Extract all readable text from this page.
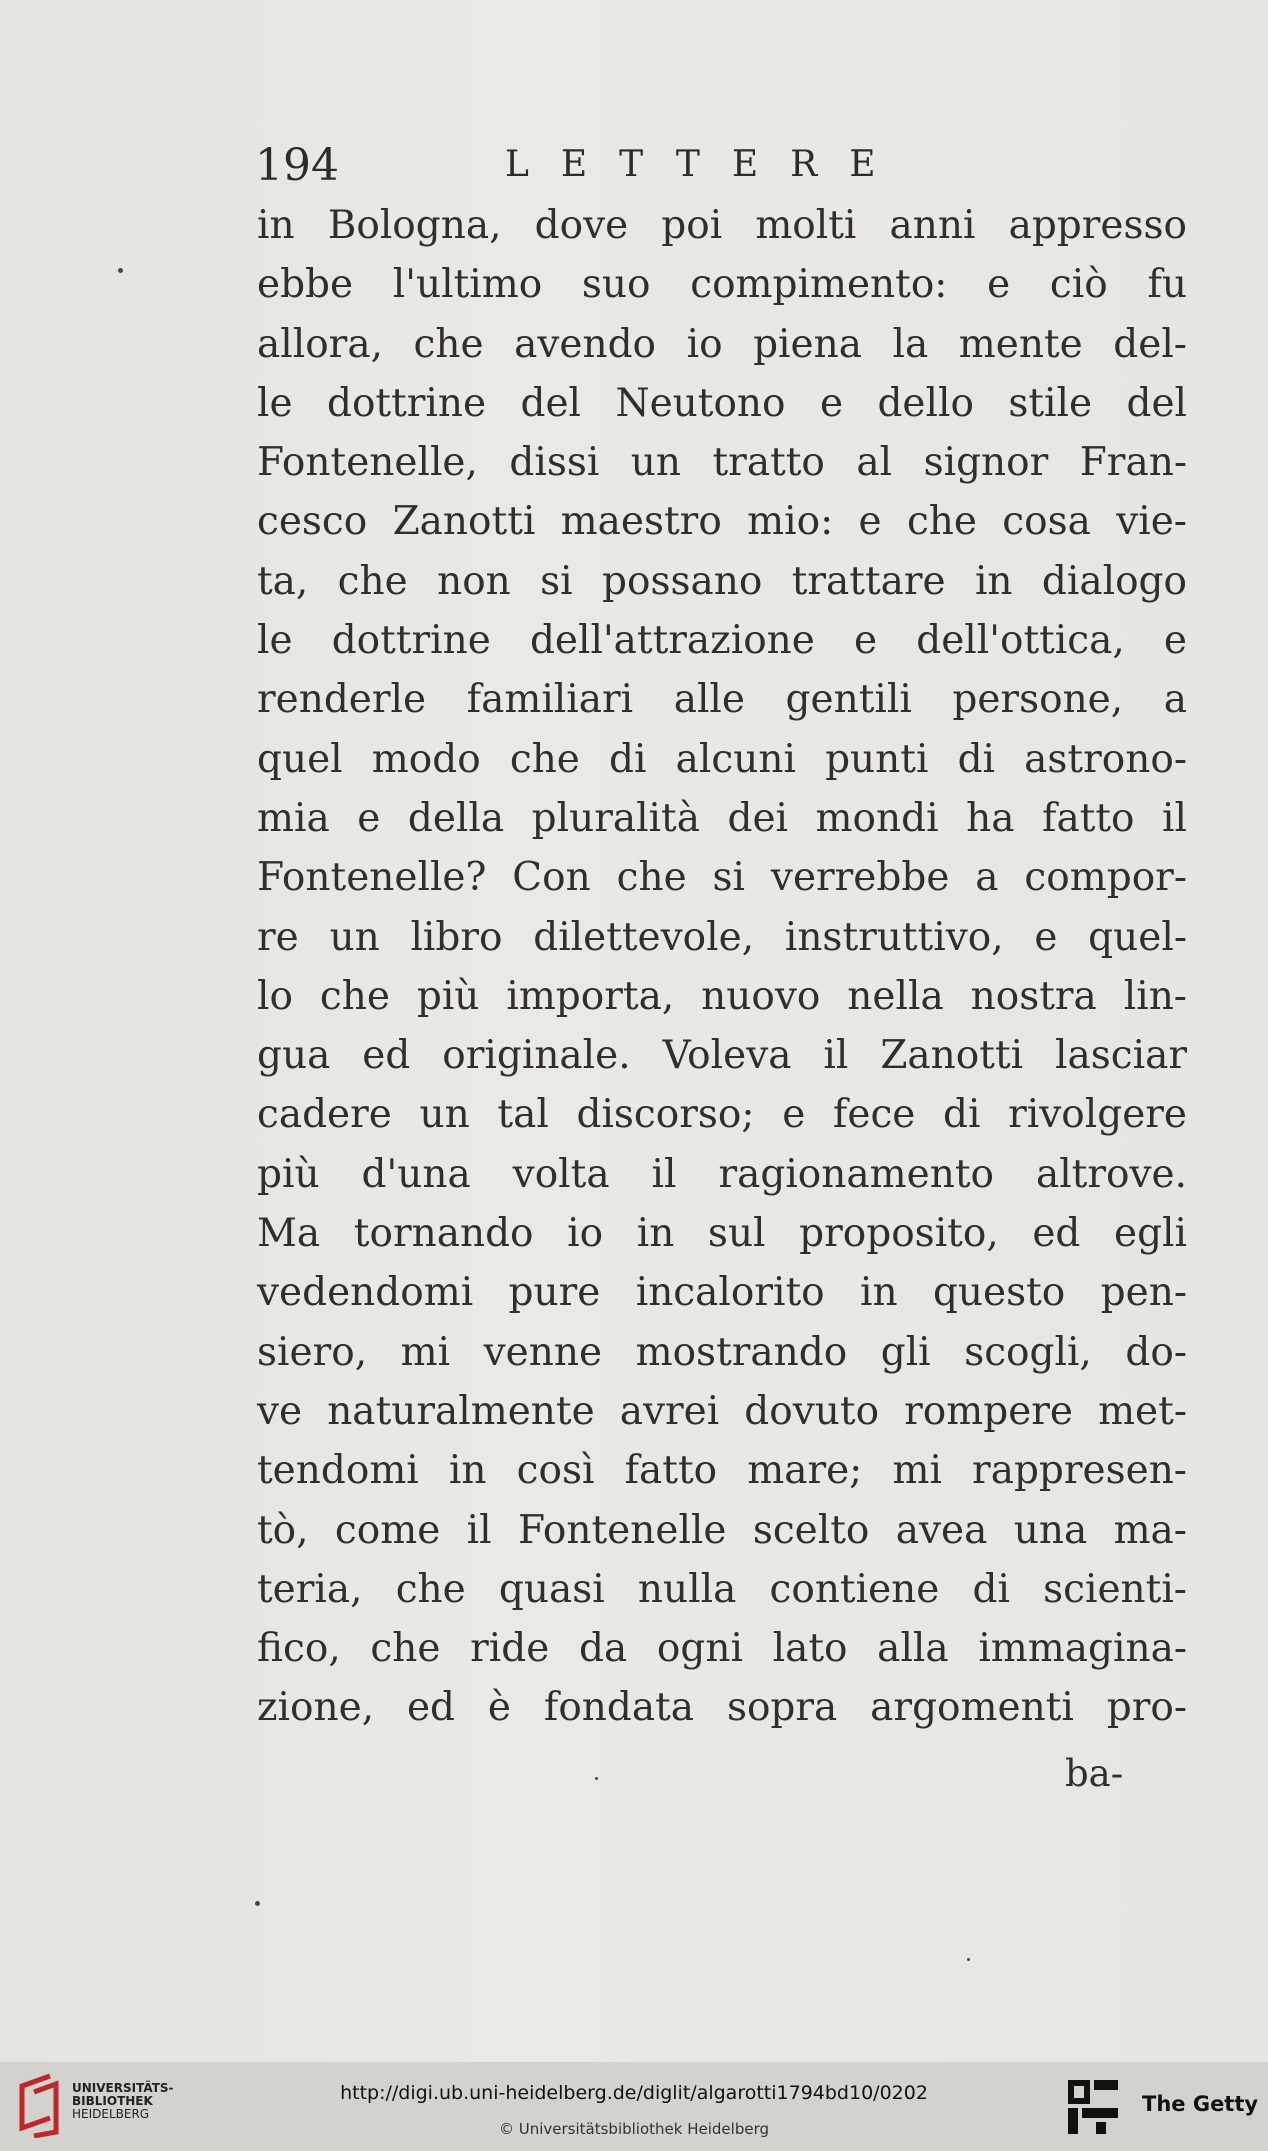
194	LETTERE
in Bologna, dove poi molti anni appresso
ebbe l'ultimo suo compimento: e ciò fu
allora, che avendo io piena la mente del-
le dottrine del Neutono e dello stile del
Fontenelle, dissi un tratto al signor Fran-
cesco Zanotti maestro mio: e che cosa vie-
ta, che non si possano trattare in dialogo
le dottrine dell'attrazione e dell'ottica, e
renderle familiari alle gentili persone, a
quel modo che di alcuni punti di astrono-
mia e della pluralità dei mondi ha fatto il
Fontenelle? Con che si verrebbe a compor-
re un libro dilettevole, instruttivo, e quel-
lo che più importa, nuovo nella nostra lin-
gua ed originale. Voleva il Zanotti lasciar
cadere un tal discorso; e fece di rivolgere
più d'una volta il ragionamento altrove.
Ma tornando io in sul proposito, ed egli
vedendomi pure incalorito in questo pen-
siero, mi venne mostrando gli scogli, do-
ve naturalmente avrei dovuto rompere met-
tendomi in così fatto mare; mi rappresen-
tò, come il Fontenelle scelto avea una ma-
teria, che quasi nulla contiene di scienti-
fico, che ride da ogni lato alla immagina-
zione, ed è fondata sopra argomenti pro-
ba-
UNIVERSITÄTS-
BIBLIOTHEK
HEIDELBERG
http://digi.ub.uni-heidelberg.de/diglit/algarotti1794bd10/0202
© Universitätsbibliothek Heidelberg
The Getty
